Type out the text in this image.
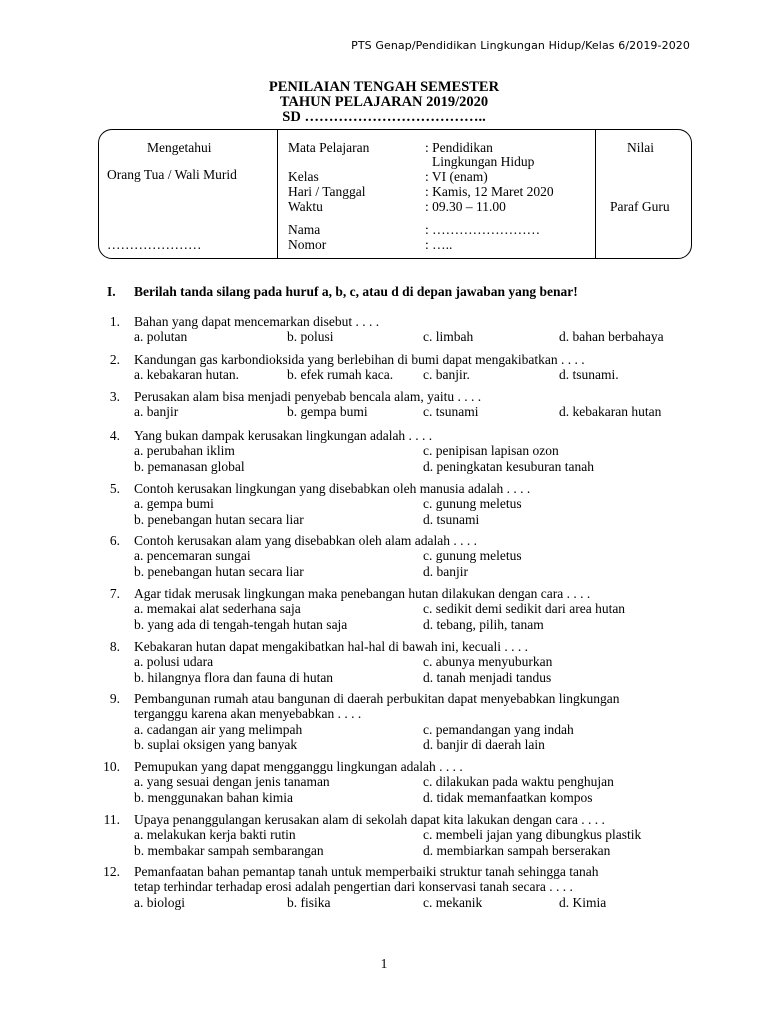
PTS Genap/Pendidikan Lingkungan Hidup/Kelas 6/2019-2020
PENILAIAN TENGAH SEMESTER
TAHUN PELAJARAN 2019/2020
SD ………………………………..
Mengetahui
Orang Tua / Wali Murid
…………………
Mata Pelajaran	: Pendidikan
Lingkungan Hidup
Kelas	: VI (enam)
Hari / Tanggal	: Kamis, 12 Maret 2020
Waktu	: 09.30 – 11.00
Nama	: ……………………
Nomor	: …..
Nilai
Paraf Guru
I. Berilah tanda silang pada huruf a, b, c, atau d di depan jawaban yang benar!
1. Bahan yang dapat mencemarkan disebut . . . .
a. polutan	b. polusi	c. limbah	d. bahan berbahaya
2. Kandungan gas karbondioksida yang berlebihan di bumi dapat mengakibatkan . . . .
a. kebakaran hutan.	b. efek rumah kaca. c. banjir.	d. tsunami.
3. Perusakan alam bisa menjadi penyebab bencala alam, yaitu . . . .
a. banjir	b. gempa bumi	c. tsunami	d. kebakaran hutan
4. Yang bukan dampak kerusakan lingkungan adalah . . . .
a. perubahan iklim	c. penipisan lapisan ozon
b. pemanasan global	d. peningkatan kesuburan tanah
5. Contoh kerusakan lingkungan yang disebabkan oleh manusia adalah . . . .
a. gempa bumi	c. gunung meletus
b. penebangan hutan secara liar	d. tsunami
6. Contoh kerusakan alam yang disebabkan oleh alam adalah . . . .
a. pencemaran sungai	c. gunung meletus
b. penebangan hutan secara liar	d. banjir
7. Agar tidak merusak lingkungan maka penebangan hutan dilakukan dengan cara . . . .
a. memakai alat sederhana saja	c. sedikit demi sedikit dari area hutan
b. yang ada di tengah-tengah hutan saja	d. tebang, pilih, tanam
8. Kebakaran hutan dapat mengakibatkan hal-hal di bawah ini, kecuali . . . .
a. polusi udara	c. abunya menyuburkan
b. hilangnya flora dan fauna di hutan	d. tanah menjadi tandus
9. Pembangunan rumah atau bangunan di daerah perbukitan dapat menyebabkan lingkungan
terganggu karena akan menyebabkan . . . .
a. cadangan air yang melimpah	c. pemandangan yang indah
b. suplai oksigen yang banyak	d. banjir di daerah lain
10. Pemupukan yang dapat mengganggu lingkungan adalah . . . .
a. yang sesuai dengan jenis tanaman	c. dilakukan pada waktu penghujan
b. menggunakan bahan kimia	d. tidak memanfaatkan kompos
11. Upaya penanggulangan kerusakan alam di sekolah dapat kita lakukan dengan cara . . . .
a. melakukan kerja bakti rutin	c. membeli jajan yang dibungkus plastik
b. membakar sampah sembarangan	d. membiarkan sampah berserakan
12. Pemanfaatan bahan pemantap tanah untuk memperbaiki struktur tanah sehingga tanah
tetap terhindar terhadap erosi adalah pengertian dari konservasi tanah secara . . . .
a. biologi	b. fisika	c. mekanik	d. Kimia
1
